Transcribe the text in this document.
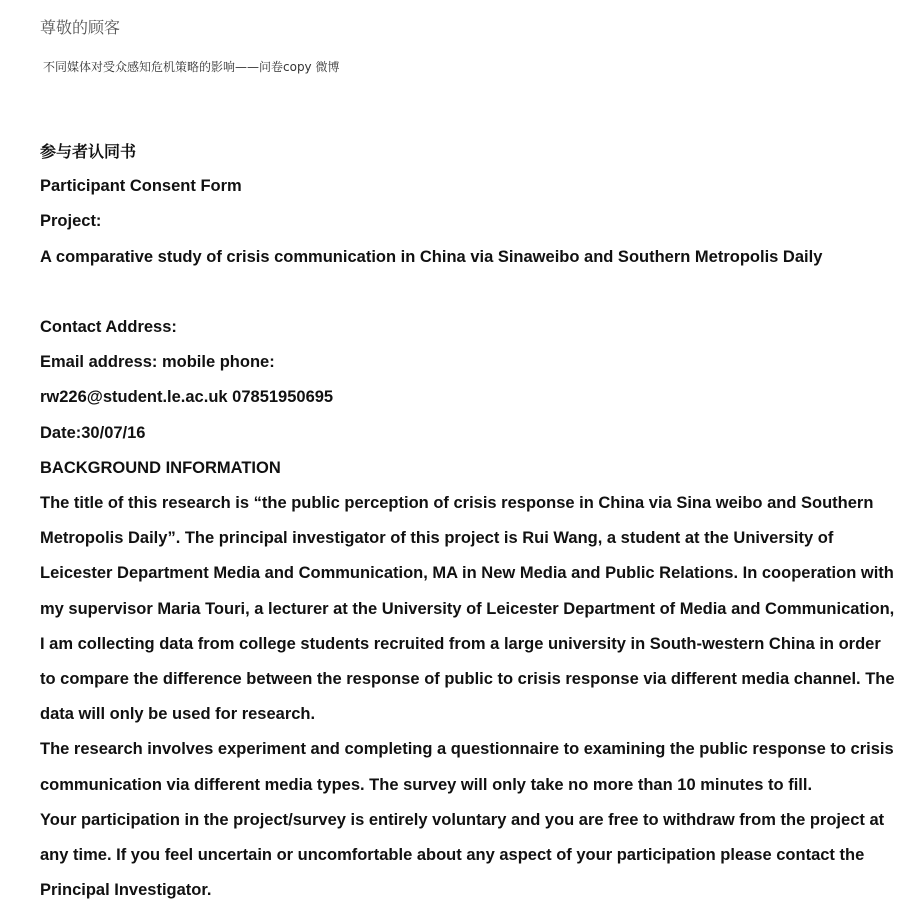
尊敬的顾客
不同媒体对受众感知危机策略的影响——问卷copy 微博

参与者认同书

Participant Consent Form

Project:

A comparative study of crisis communication in China via Sinaweibo and Southern Metropolis Daily

Contact Address:

Email address: mobile phone:

rw226@student.le.ac.uk 07851950695

Date:30/07/16

BACKGROUND INFORMATION

The title of this research is “the public perception of crisis response in China via Sina weibo and Southern Metropolis Daily”. The principal investigator of this project is Rui Wang, a student at the University of Leicester Department Media and Communication, MA in New Media and Public Relations. In cooperation with my supervisor Maria Touri, a lecturer at the University of Leicester Department of Media and Communication, I am collecting data from college students recruited from a large university in South-western China in order to compare the difference between the response of public to crisis response via different media channel. The data will only be used for research.

The research involves experiment and completing a questionnaire to examining the public response to crisis communication via different media types. The survey will only take no more than 10 minutes to fill.

Your participation in the project/survey is entirely voluntary and you are free to withdraw from the project at any time. If you feel uncertain or uncomfortable about any aspect of your participation please contact the Principal Investigator.
